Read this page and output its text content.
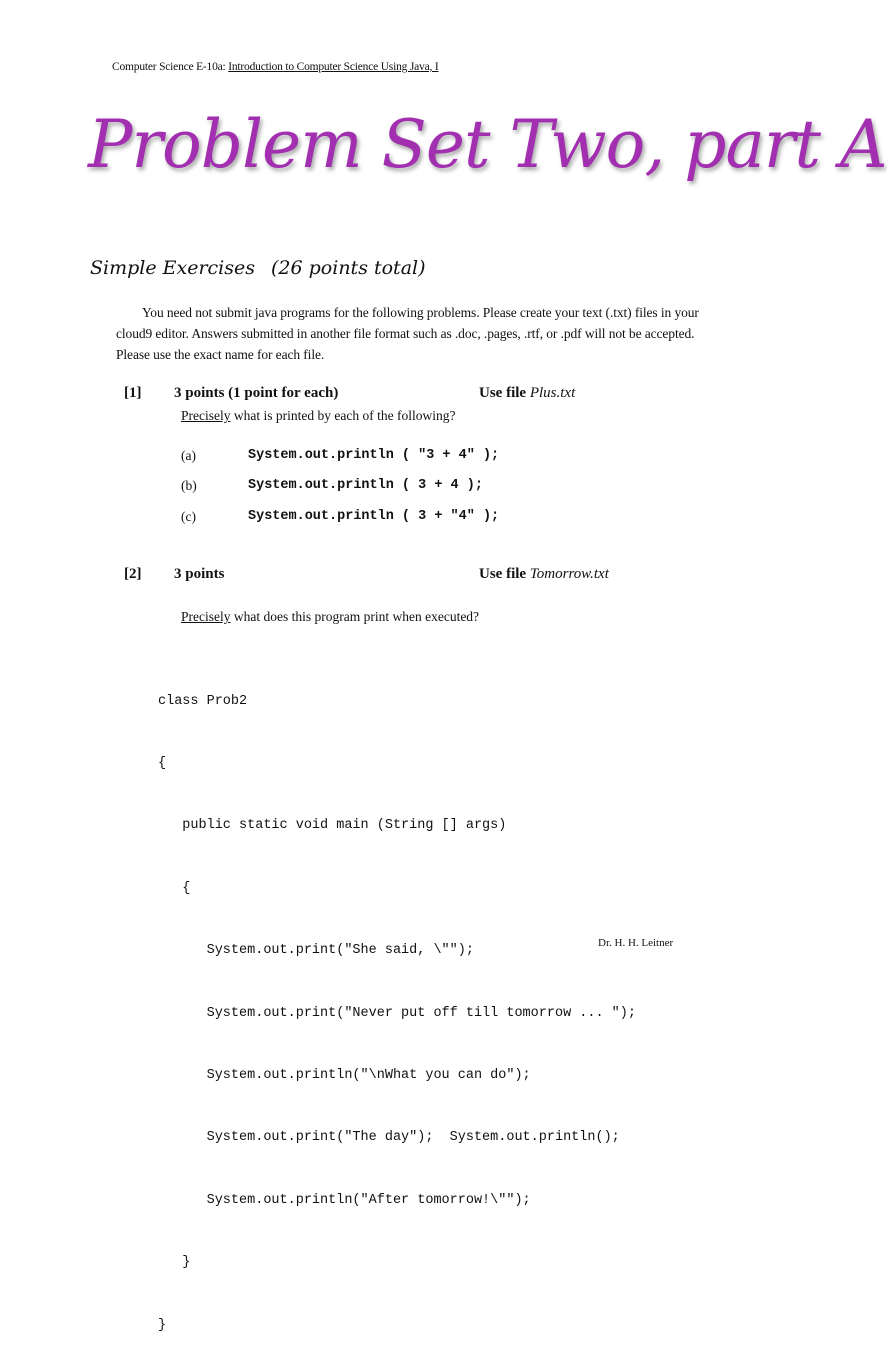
Computer Science E-10a: Introduction to Computer Science Using Java, I
Problem Set Two, part A
Simple Exercises (26 points total)
You need not submit java programs for the following problems. Please create your text (.txt) files in your cloud9 editor. Answers submitted in another file format such as .doc, .pages, .rtf, or .pdf will not be accepted. Please use the exact name for each file.
[1] 3 points (1 point for each)	Use file Plus.txt
Precisely what is printed by each of the following?
(a)	System.out.println ( "3 + 4" );
(b)	System.out.println ( 3 + 4 );
(c)	System.out.println ( 3 + "4" );
[2] 3 points	Use file Tomorrow.txt
Precisely what does this program print when executed?

class Prob2

{

public static void main (String [] args)

{

System.out.print("She said, \"");

System.out.print("Never put off till tomorrow ... ");

System.out.println("\nWhat you can do");

System.out.print("The day");  System.out.println();

System.out.println("After tomorrow!\"");

}

}

Dr. H. H. Leitner
